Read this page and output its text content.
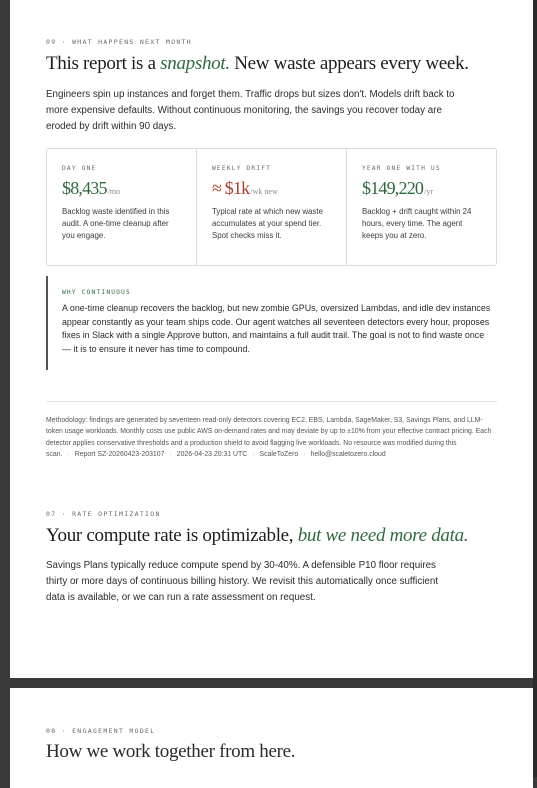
09 · WHAT HAPPENS NEXT MONTH
This report is a snapshot. New waste appears every week.
Engineers spin up instances and forget them. Traffic drops but sizes don't. Models drift back to more expensive defaults. Without continuous monitoring, the savings you recover today are eroded by drift within 90 days.
DAY ONE
$8,435/mo
Backlog waste identified in this audit. A one-time cleanup after you engage.
WEEKLY DRIFT
≈ $1k/wk new
Typical rate at which new waste accumulates at your spend tier. Spot checks miss it.
YEAR ONE WITH US
$149,220/yr
Backlog + drift caught within 24 hours, every time. The agent keeps you at zero.
WHY CONTINUOUS
A one-time cleanup recovers the backlog, but new zombie GPUs, oversized Lambdas, and idle dev instances appear constantly as your team ships code. Our agent watches all seventeen detectors every hour, proposes fixes in Slack with a single Approve button, and maintains a full audit trail. The goal is not to find waste once — it is to ensure it never has time to compound.
Methodology: findings are generated by seventeen read-only detectors covering EC2, EBS, Lambda, SageMaker, S3, Savings Plans, and LLM-token usage workloads. Monthly costs use public AWS on-demand rates and may deviate by up to ±10% from your effective contract pricing. Each detector applies conservative thresholds and a production shield to avoid flagging live workloads. No resource was modified during this scan. · Report SZ-20260423-203107 · 2026-04-23 20:31 UTC · ScaleToZero · hello@scaletozero.cloud
07 · RATE OPTIMIZATION
Your compute rate is optimizable, but we need more data.
Savings Plans typically reduce compute spend by 30-40%. A defensible P10 floor requires thirty or more days of continuous billing history. We revisit this automatically once sufficient data is available, or we can run a rate assessment on request.
08 · ENGAGEMENT MODEL
How we work together from here.
